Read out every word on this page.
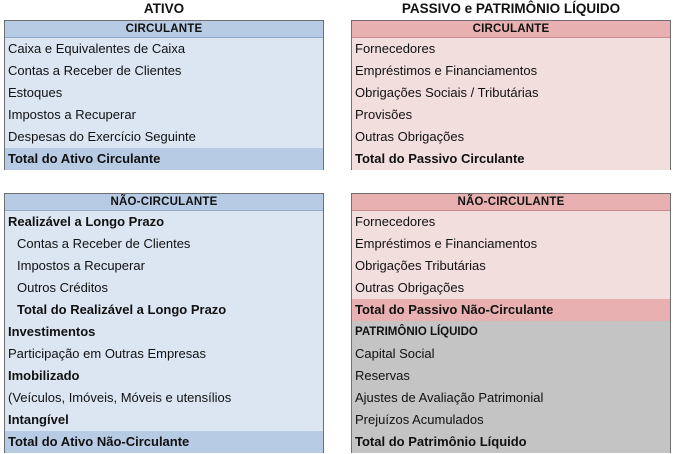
ATIVO	PASSIVO e PATRIMÔNIO LÍQUIDO
CIRCULANTE
Caixa e Equivalentes de Caixa
Contas a Receber de Clientes
Estoques
Impostos a Recuperar
Despesas do Exercício Seguinte
Total do Ativo Circulante
NÃO-CIRCULANTE
Realizável a Longo Prazo
Contas a Receber de Clientes
Impostos a Recuperar
Outros Créditos
Total do Realizável a Longo Prazo
Investimentos
Participação em Outras Empresas
Imobilizado
(Veículos, Imóveis, Móveis e utensílios
Intangível
Total do Ativo Não-Circulante
CIRCULANTE
Fornecedores
Empréstimos e Financiamentos
Obrigações Sociais / Tributárias
Provisões
Outras Obrigações
Total do Passivo Circulante
NÃO-CIRCULANTE
Fornecedores
Empréstimos e Financiamentos
Obrigações Tributárias
Outras Obrigações
Total do Passivo Não-Circulante
PATRIMÔNIO LÍQUIDO
Capital Social
Reservas
Ajustes de Avaliação Patrimonial
Prejuízos Acumulados
Total do Patrimônio Líquido
